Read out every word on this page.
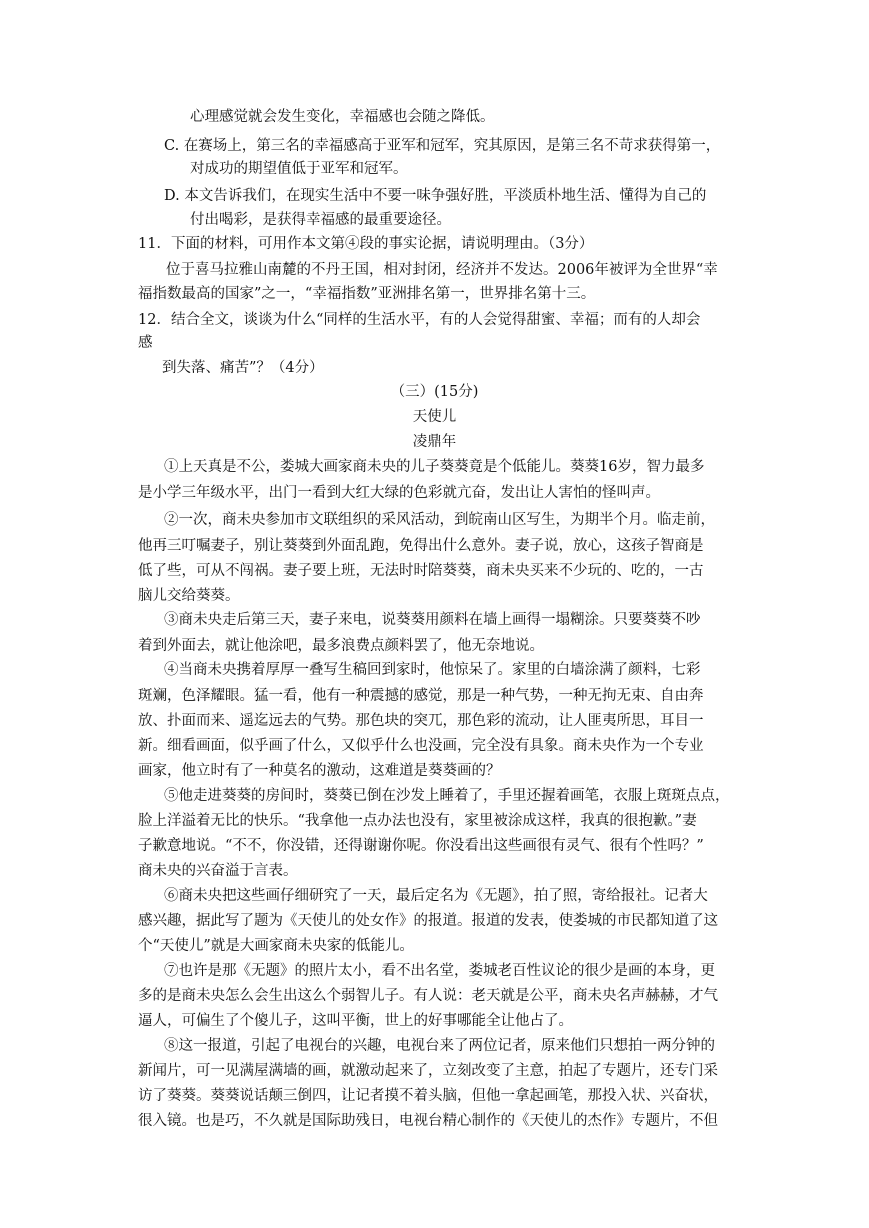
心理感觉就会发生变化，幸福感也会随之降低。
C. 在赛场上，第三名的幸福感高于亚军和冠军，究其原因，是第三名不苛求获得第一，
对成功的期望值低于亚军和冠军。
D. 本文告诉我们，在现实生活中不要一味争强好胜，平淡质朴地生活、懂得为自己的
付出喝彩，是获得幸福感的最重要途径。
11．下面的材料，可用作本文第④段的事实论据，请说明理由。（3分）
位于喜马拉雅山南麓的不丹王国，相对封闭，经济并不发达。2006年被评为全世界“幸
福指数最高的国家”之一，“幸福指数”亚洲排名第一，世界排名第十三。
12．结合全文，谈谈为什么“同样的生活水平，有的人会觉得甜蜜、幸福；而有的人却会
感
到失落、痛苦”？（4分）
（三）(15分)
天使儿
凌鼎年
①上天真是不公，娄城大画家商未央的儿子葵葵竟是个低能儿。葵葵16岁，智力最多
是小学三年级水平，出门一看到大红大绿的色彩就亢奋，发出让人害怕的怪叫声。
②一次，商未央参加市文联组织的采风活动，到皖南山区写生，为期半个月。临走前，
他再三叮嘱妻子，别让葵葵到外面乱跑，免得出什么意外。妻子说，放心，这孩子智商是
低了些，可从不闯祸。妻子要上班，无法时时陪葵葵，商未央买来不少玩的、吃的，一古
脑儿交给葵葵。
③商未央走后第三天，妻子来电，说葵葵用颜料在墙上画得一塌糊涂。只要葵葵不吵
着到外面去，就让他涂吧，最多浪费点颜料罢了，他无奈地说。
④当商未央携着厚厚一叠写生稿回到家时，他惊呆了。家里的白墙涂满了颜料，七彩
斑斓，色泽耀眼。猛一看，他有一种震撼的感觉，那是一种气势，一种无拘无束、自由奔
放、扑面而来、遥迄远去的气势。那色块的突兀，那色彩的流动，让人匪夷所思，耳目一
新。细看画面，似乎画了什么，又似乎什么也没画，完全没有具象。商未央作为一个专业
画家，他立时有了一种莫名的激动，这难道是葵葵画的？
⑤他走进葵葵的房间时，葵葵已倒在沙发上睡着了，手里还握着画笔，衣服上斑斑点点，
脸上洋溢着无比的快乐。“我拿他一点办法也没有，家里被涂成这样，我真的很抱歉。”妻
子歉意地说。“不不，你没错，还得谢谢你呢。你没看出这些画很有灵气、很有个性吗？”
商未央的兴奋溢于言表。
⑥商未央把这些画仔细研究了一天，最后定名为《无题》，拍了照，寄给报社。记者大
感兴趣，据此写了题为《天使儿的处女作》的报道。报道的发表，使娄城的市民都知道了这
个“天使儿”就是大画家商未央家的低能儿。
⑦也许是那《无题》的照片太小，看不出名堂，娄城老百性议论的很少是画的本身，更
多的是商未央怎么会生出这么个弱智儿子。有人说：老天就是公平，商未央名声赫赫，才气
逼人，可偏生了个傻儿子，这叫平衡，世上的好事哪能全让他占了。
⑧这一报道，引起了电视台的兴趣，电视台来了两位记者，原来他们只想拍一两分钟的
新闻片，可一见满屋满墙的画，就激动起来了，立刻改变了主意，拍起了专题片，还专门采
访了葵葵。葵葵说话颠三倒四，让记者摸不着头脑，但他一拿起画笔，那投入状、兴奋状，
很入镜。也是巧，不久就是国际助残日，电视台精心制作的《天使儿的杰作》专题片，不但
